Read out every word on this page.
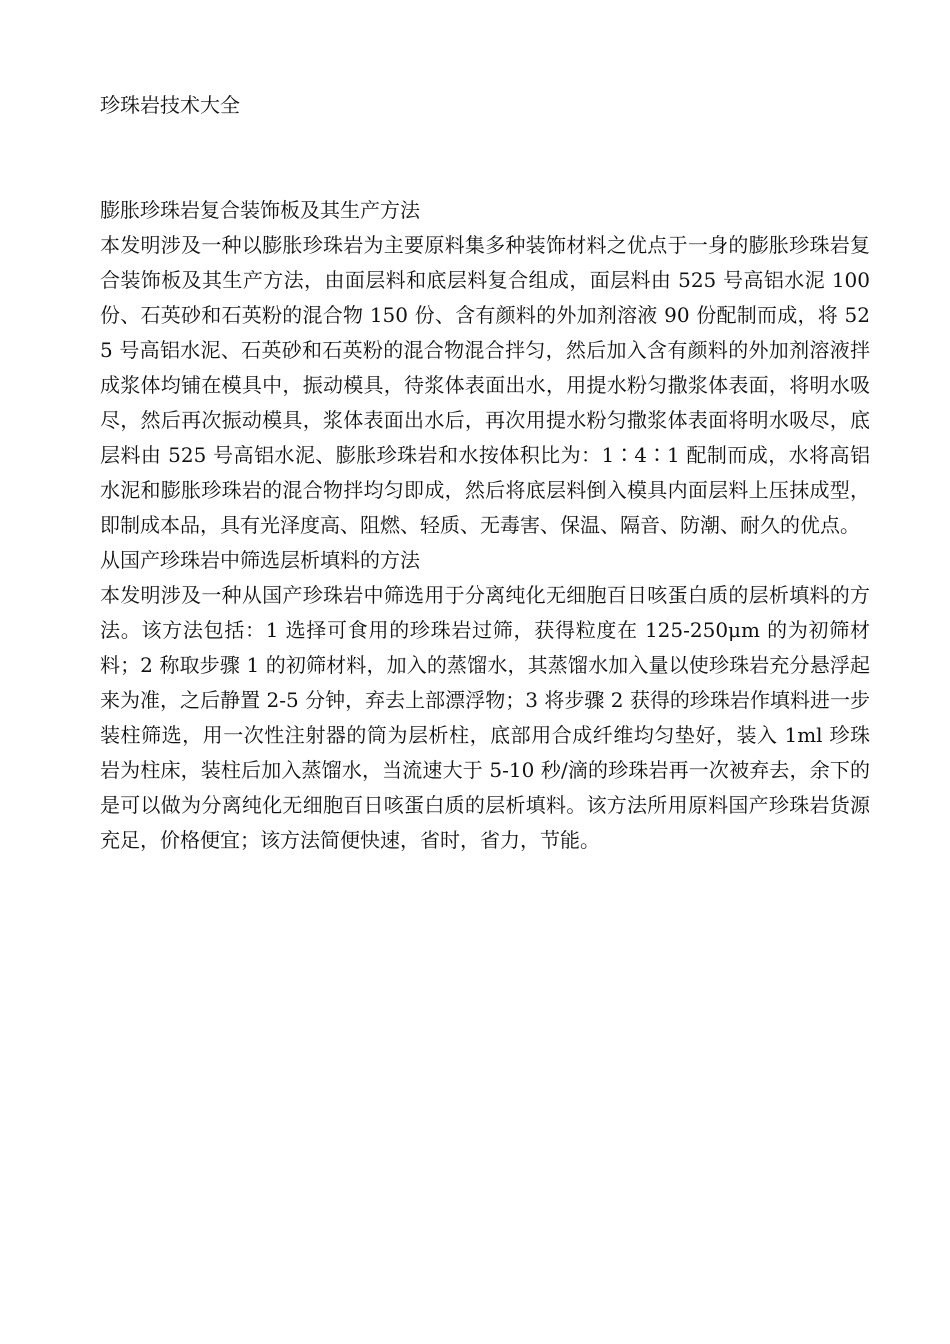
珍珠岩技术大全
膨胀珍珠岩复合装饰板及其生产方法

本发明涉及一种以膨胀珍珠岩为主要原料集多种装饰材料之优点于一身的膨胀珍珠岩复合装饰板及其生产方法，由面层料和底层料复合组成，面层料由 525 号高铝水泥 100 份、石英砂和石英粉的混合物 150 份、含有颜料的外加剂溶液 90 份配制而成，将 525 号高铝水泥、石英砂和石英粉的混合物混合拌匀，然后加入含有颜料的外加剂溶液拌成浆体均铺在模具中，振动模具，待浆体表面出水，用提水粉匀撒浆体表面，将明水吸尽，然后再次振动模具，浆体表面出水后，再次用提水粉匀撒浆体表面将明水吸尽，底层料由 525 号高铝水泥、膨胀珍珠岩和水按体积比为：1∶4∶1 配制而成，水将高铝水泥和膨胀珍珠岩的混合物拌均匀即成，然后将底层料倒入模具内面层料上压抹成型，即制成本品，具有光泽度高、阻燃、轻质、无毒害、保温、隔音、防潮、耐久的优点。

从国产珍珠岩中筛选层析填料的方法

本发明涉及一种从国产珍珠岩中筛选用于分离纯化无细胞百日咳蛋白质的层析填料的方法。该方法包括：1 选择可食用的珍珠岩过筛，获得粒度在 125-250μm 的为初筛材料；2 称取步骤 1 的初筛材料，加入的蒸馏水，其蒸馏水加入量以使珍珠岩充分悬浮起来为准，之后静置 2-5 分钟，弃去上部漂浮物；3 将步骤 2 获得的珍珠岩作填料进一步装柱筛选，用一次性注射器的筒为层析柱，底部用合成纤维均匀垫好，装入 1ml 珍珠岩为柱床，装柱后加入蒸馏水，当流速大于 5-10 秒/滴的珍珠岩再一次被弃去，余下的是可以做为分离纯化无细胞百日咳蛋白质的层析填料。该方法所用原料国产珍珠岩货源充足，价格便宜；该方法简便快速，省时，省力，节能。
